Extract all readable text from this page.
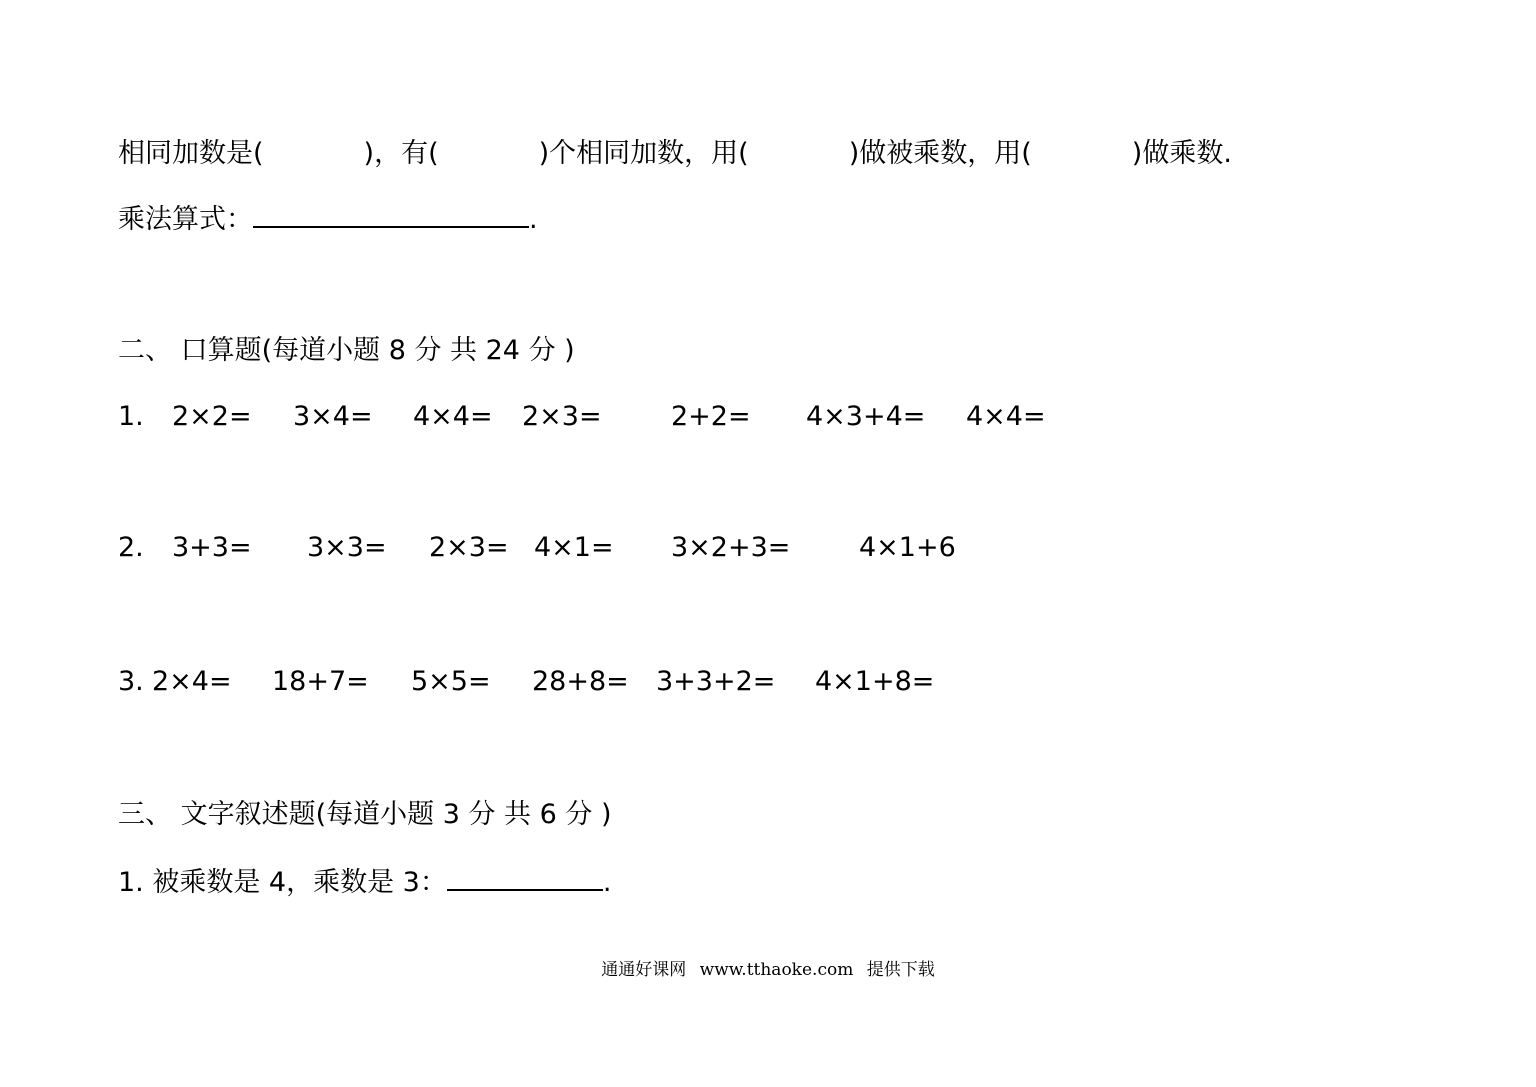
相同加数是(	)，有(	)个相同加数，用(	)做被乘数，用(	)做乘数.
乘法算式：	.
二、 口算题(每道小题 8 分 共 24 分 )
1. 2×2= 3×4= 4×4= 2×3=	2+2= 4×3+4= 4×4=
2. 3+3= 3×3= 2×3= 4×1= 3×2+3=	4×1+6
3. 2×4= 18+7= 5×5= 28+8= 3+3+2= 4×1+8=
三、 文字叙述题(每道小题 3 分 共 6 分 )
1. 被乘数是 4，乘数是 3：	.
通通好课网 www.tthaoke.com 提供下载
